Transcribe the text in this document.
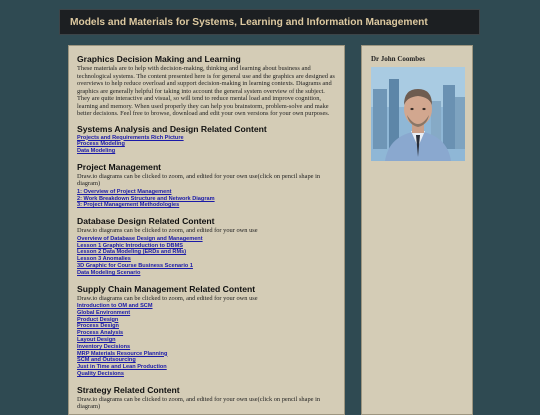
Models and Materials for Systems, Learning and Information Management
Graphics Decision Making and Learning

These materials are to help with decision-making, thinking and learning about business and technological systems. The content presented here is for general use and the graphics are designed as overviews to help reduce overload and support decision-making in learning contexts. Diagrams and graphics are generally helpful for taking into account the general system overview of the subject. They are quite interactive and visual, so will tend to reduce mental load and improve cognition, learning and memory. When used properly they can help you brainstorm, problem-solve and make better decisions. Feel free to browse, download and edit your own versions for your own purposes.

Systems Analysis and Design Related Content
Projects and Requirements Rich Picture
Process Modeling
Data Modeling
Project Management

Draw.io diagrams can be clicked to zoom, and edited for your own use(click on pencil shape in diagram)

1: Overview of Project Management
2: Work Breakdown Structure and Network Diagram
3: Project Management Methodologies
Database Design Related Content

Draw.io diagrams can be clicked to zoom, and edited for your own use

Overview of Database Design and Management
Lesson 1 Graphic Introduction to DBMS
Lesson 2 Data Modeling (ERDs and RMs)
Lesson 3 Anomalies
3D Graphic for Course Business Scenario 1
Data Modeling Scenario
Supply Chain Management Related Content

Draw.io diagrams can be clicked to zoom, and edited for your own use

Introduction to OM and SCM
Global Environment
Product Design
Process Design
Process Analysis
Layout Design
Inventory Decisions
MRP Materials Resource Planning
SCM and Outsourcing
Just in Time and Lean Production
Quality Decisions
Strategy Related Content

Draw.io diagrams can be clicked to zoom, and edited for your own use(click on pencil shape in diagram)

Dr John Coombes
